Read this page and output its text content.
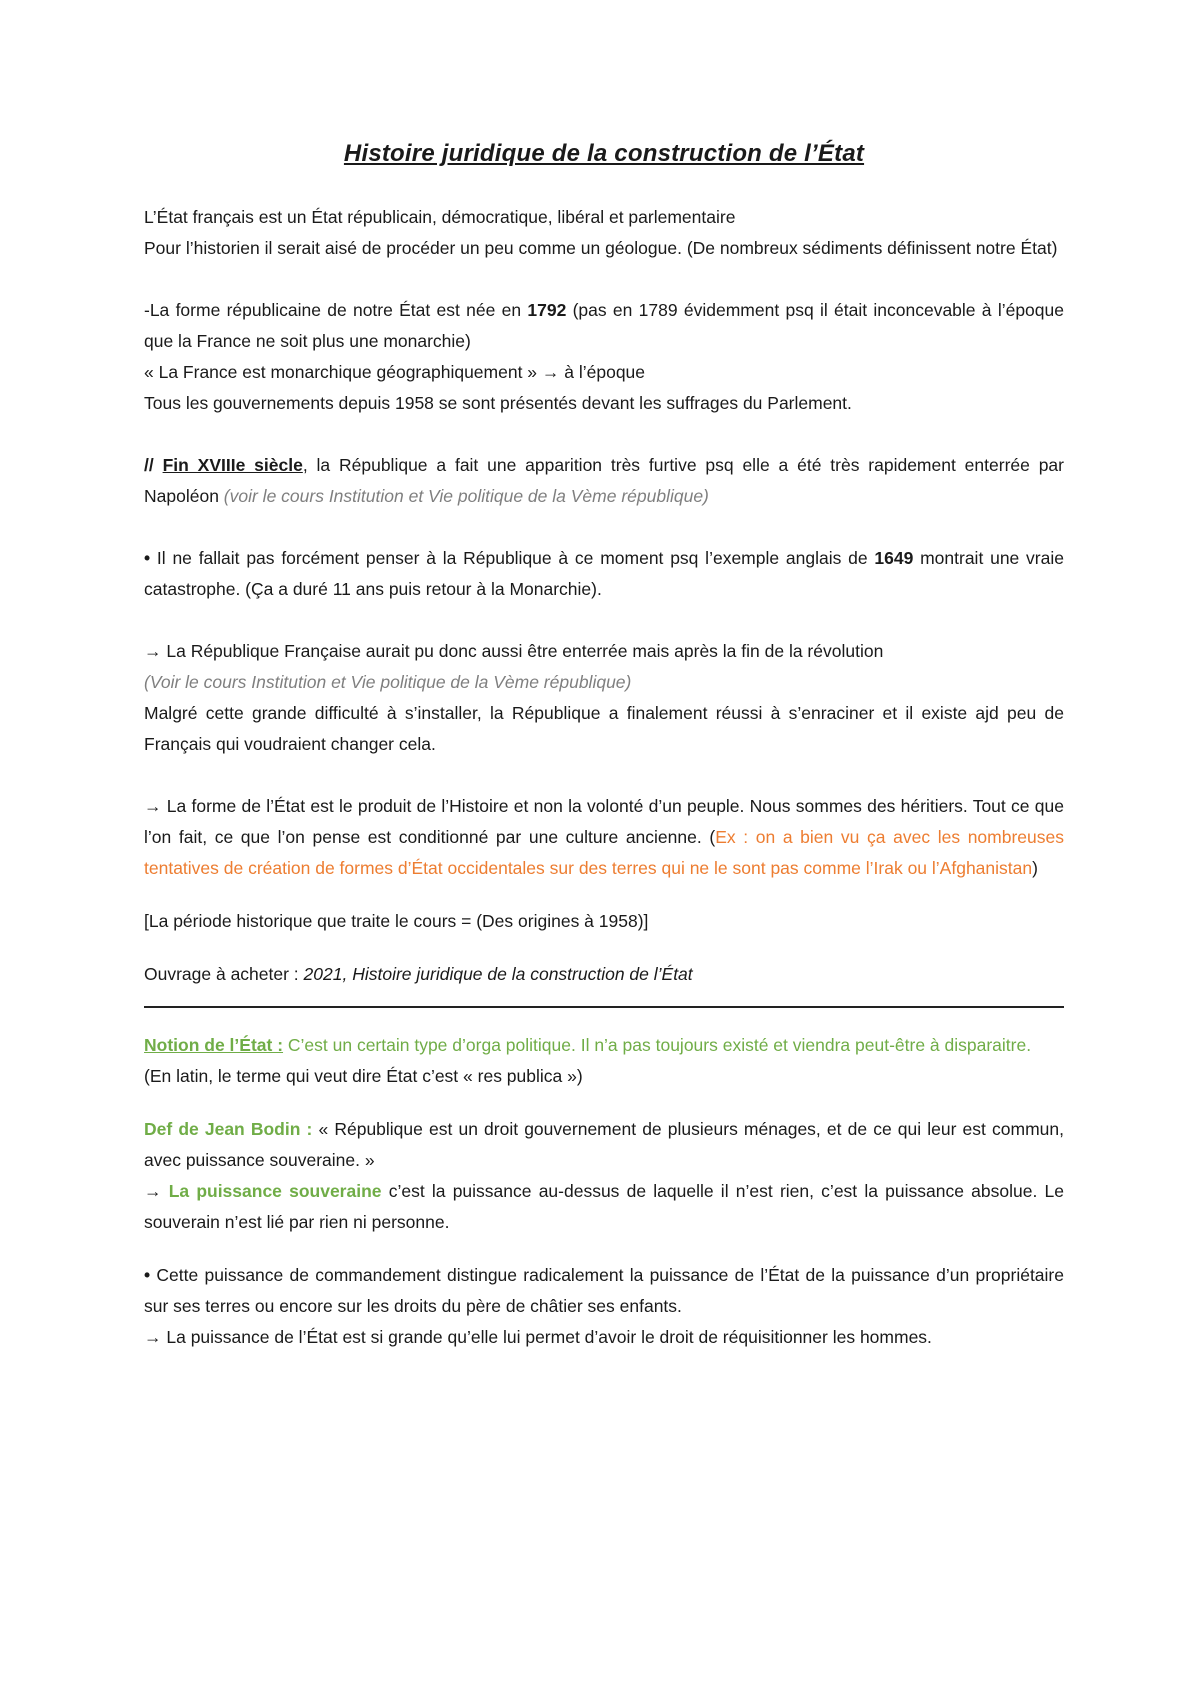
Histoire juridique de la construction de l’État

L’État français est un État républicain, démocratique, libéral et parlementaire

Pour l’historien il serait aisé de procéder un peu comme un géologue. (De nombreux sédiments définissent notre État)

-La forme républicaine de notre État est née en 1792 (pas en 1789 évidemment psq il était inconcevable à l’époque que la France ne soit plus une monarchie)

« La France est monarchique géographiquement » → à l’époque

Tous les gouvernements depuis 1958 se sont présentés devant les suffrages du Parlement.

// Fin XVIIIe siècle, la République a fait une apparition très furtive psq elle a été très rapidement enterrée par Napoléon (voir le cours Institution et Vie politique de la Vème république)

• Il ne fallait pas forcément penser à la République à ce moment psq l’exemple anglais de 1649 montrait une vraie catastrophe. (Ça a duré 11 ans puis retour à la Monarchie).

→ La République Française aurait pu donc aussi être enterrée mais après la fin de la révolution

(Voir le cours Institution et Vie politique de la Vème république)

Malgré cette grande difficulté à s’installer, la République a finalement réussi à s’enraciner et il existe ajd peu de Français qui voudraient changer cela.

→ La forme de l’État est le produit de l’Histoire et non la volonté d’un peuple. Nous sommes des héritiers. Tout ce que l’on fait, ce que l’on pense est conditionné par une culture ancienne. (Ex : on a bien vu ça avec les nombreuses tentatives de création de formes d’État occidentales sur des terres qui ne le sont pas comme l’Irak ou l’Afghanistan)

[La période historique que traite le cours = (Des origines à 1958)]

Ouvrage à acheter : 2021, Histoire juridique de la construction de l’État

Notion de l’État : C’est un certain type d’orga politique. Il n’a pas toujours existé et viendra peut-être à disparaitre.

(En latin, le terme qui veut dire État c’est « res publica »)

Def de Jean Bodin : « République est un droit gouvernement de plusieurs ménages, et de ce qui leur est commun, avec puissance souveraine. »

→ La puissance souveraine c’est la puissance au-dessus de laquelle il n’est rien, c’est la puissance absolue. Le souverain n’est lié par rien ni personne.

• Cette puissance de commandement distingue radicalement la puissance de l’État de la puissance d’un propriétaire sur ses terres ou encore sur les droits du père de châtier ses enfants.

→ La puissance de l’État est si grande qu’elle lui permet d’avoir le droit de réquisitionner les hommes.
